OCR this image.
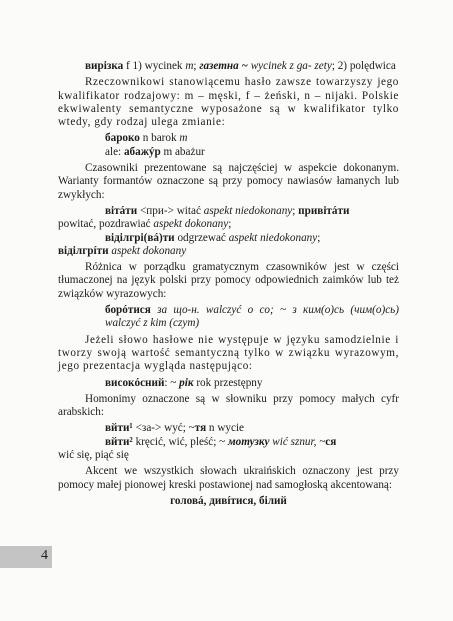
вирізка f 1) wycinek m; газетна ~ wycinek z ga- zety; 2) polędwica

Rzeczownikowi stanowiącemu hasło zawsze towarzyszy jego kwalifikator rodzajowy: m – męski, f – żeński, n – nijaki. Polskie ekwiwalenty semantyczne wyposażone są w kwalifikator tylko wtedy, gdy rodzaj ulega zmianie:

бароко n barok m
ale: абажýр m abażur

Czasowniki prezentowane są najczęściej w aspekcie dokonanym. Warianty formantów oznaczone są przy pomocy nawiasów łamanych lub zwykłych:

вітáти <при-> witać aspekt niedokonany; привітáти
powitać, pozdrawiać aspekt dokonany;
віділгрі(вá)ти odgrzewać aspekt niedokonany;
віділгрíти aspekt dokonany

Różnica w porządku gramatycznym czasowników jest w części tłumaczonej na język polski przy pomocy odpowiednich zaimków lub też związków wyrazowych:

борóтися за що-н. walczyć o co; ~ з ким(о)сь (чим(о)сь) walczyć z kim (czym)

Jeżeli słowo hasłowe nie występuje w języku samodzielnie i tworzy swoją wartość semantyczną tylko w związku wyrazowym, jego prezentacja wygląda następująco:

високóсний: ~ рік rok przestępny

Homonimy oznaczone są w słowniku przy pomocy małych cyfr arabskich:

вйти¹ <за-> wyć; ~тя n wycie
вйти² kręcić, wić, pleść; ~ мотузку wić sznur, ~ся
wić się, piąć się

Akcent we wszystkich słowach ukraińskich oznaczony jest przy pomocy małej pionowej kreski postawionej nad samogłoską akcentowaną:

головá, дивíтися, білий

4
